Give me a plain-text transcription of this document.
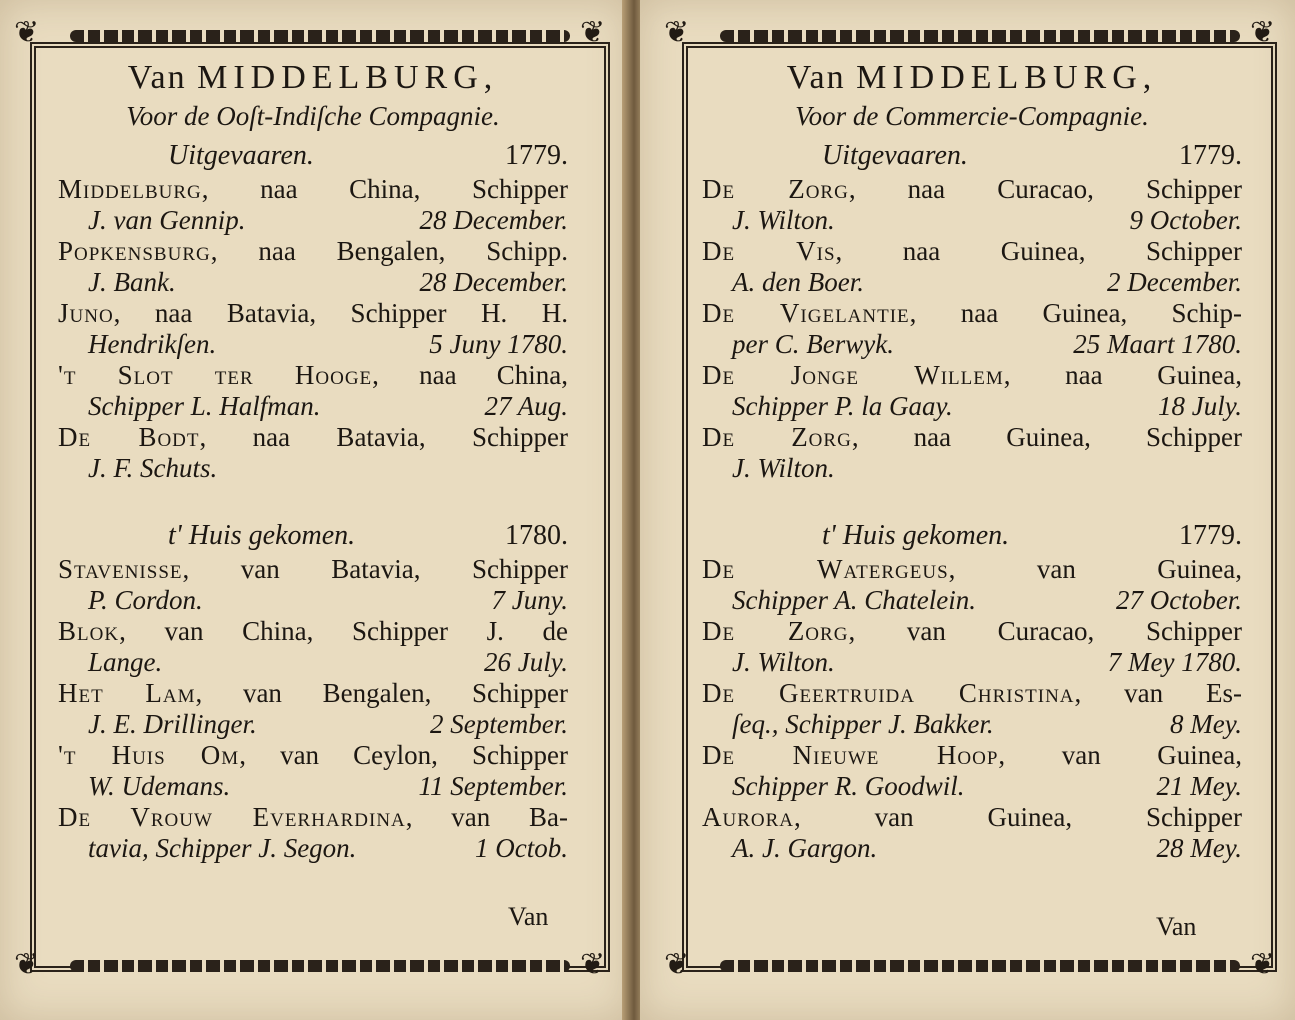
❦	❦
❦	❦
Van MIDDELBURG,
Voor de Ooſt-Indiſche Compagnie.
Uitgevaaren.	1779.
Middelburg, naa China, Schipper
J. van Gennip.	28 December.
Popkensburg, naa Bengalen, Schipp.
J. Bank.	28 December.
Juno, naa Batavia, Schipper H. H.
Hendrikſen.	5 Juny 1780.
't Slot ter Hooge, naa China,
Schipper L. Halfman.	27 Aug.
De Bodt, naa Batavia, Schipper
J. F. Schuts.
t' Huis gekomen.	1780.
Stavenisse, van Batavia, Schipper
P. Cordon.	7 Juny.
Blok, van China, Schipper J. de
Lange.	26 July.
Het Lam, van Bengalen, Schipper
J. E. Drillinger.	2 September.
't Huis Om, van Ceylon, Schipper
W. Udemans.	11 September.
De Vrouw Everhardina, van Ba-
tavia, Schipper J. Segon.	1 Octob.
Van
❦	❦
❦	❦
Van MIDDELBURG,
Voor de Commercie-Compagnie.
Uitgevaaren.	1779.
De Zorg, naa Curacao, Schipper
J. Wilton.	9 October.
De Vis, naa Guinea, Schipper
A. den Boer.	2 December.
De Vigelantie, naa Guinea, Schip-
per C. Berwyk.	25 Maart 1780.
De Jonge Willem, naa Guinea,
Schipper P. la Gaay.	18 July.
De Zorg, naa Guinea, Schipper
J. Wilton.
t' Huis gekomen.	1779.
De Watergeus, van Guinea,
Schipper A. Chatelein.	27 October.
De Zorg, van Curacao, Schipper
J. Wilton.	7 Mey 1780.
De Geertruida Christina, van Es-
ſeq., Schipper J. Bakker.	8 Mey.
De Nieuwe Hoop, van Guinea,
Schipper R. Goodwil.	21 Mey.
Aurora, van Guinea, Schipper
A. J. Gargon.	28 Mey.
Van
